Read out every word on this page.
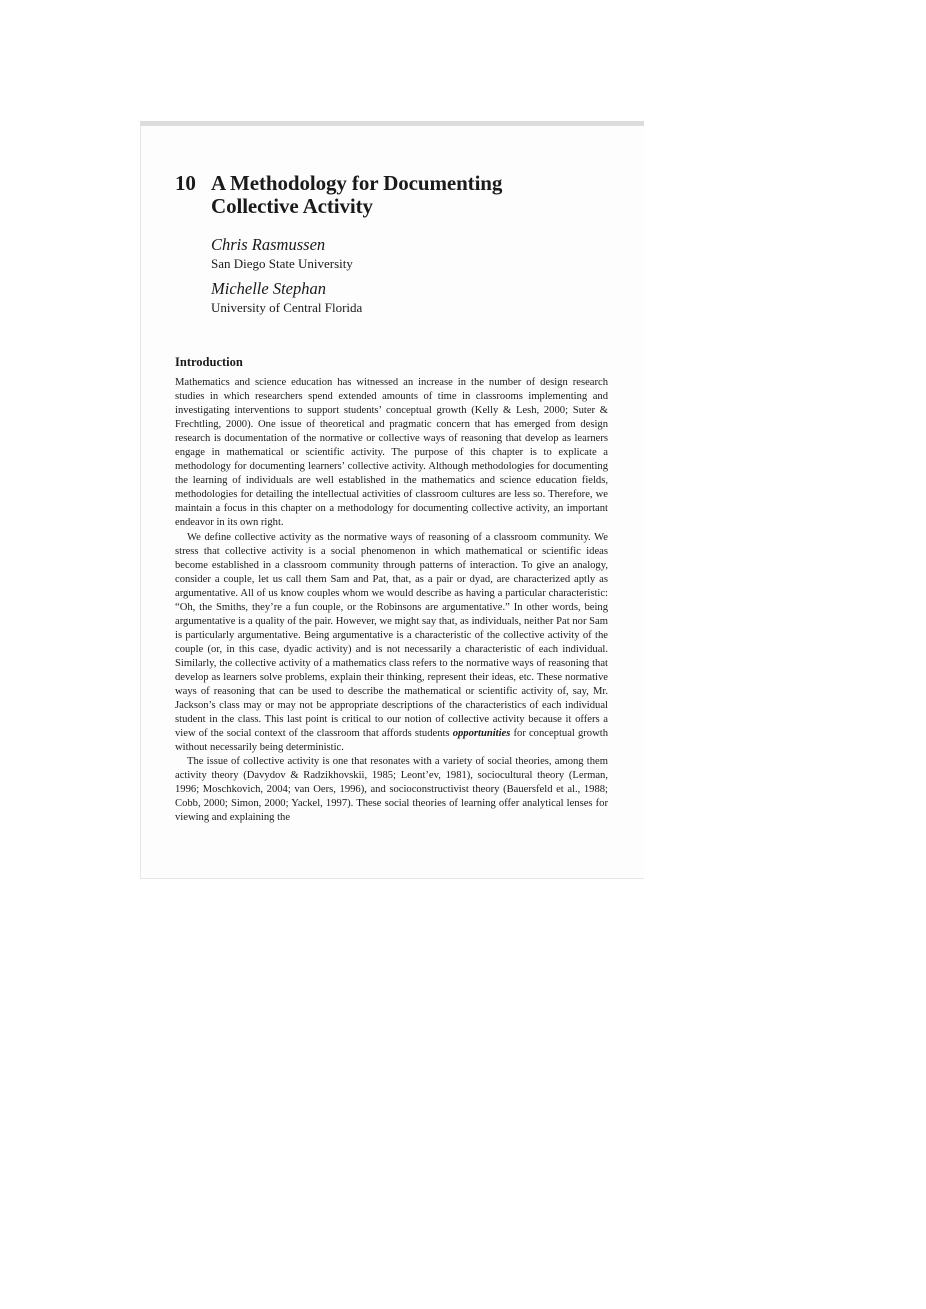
10 A Methodology for Documenting
Collective Activity
Chris Rasmussen
San Diego State University
Michelle Stephan
University of Central Florida
Introduction

Mathematics and science education has witnessed an increase in the number of design research studies in which researchers spend extended amounts of time in classrooms implementing and investigating interventions to support students’ conceptual growth (Kelly & Lesh, 2000; Suter & Frechtling, 2000). One issue of theoretical and pragmatic concern that has emerged from design research is documentation of the normative or collective ways of reasoning that develop as learners engage in mathematical or scientific activity. The purpose of this chapter is to explicate a methodology for documenting learners’ collective activity. Although methodologies for documenting the learning of individuals are well established in the mathematics and science education fields, methodologies for detailing the intellectual activities of classroom cultures are less so. Therefore, we maintain a focus in this chapter on a methodology for documenting collective activity, an important endeavor in its own right.

We define collective activity as the normative ways of reasoning of a classroom community. We stress that collective activity is a social phenomenon in which mathematical or scientific ideas become established in a classroom community through patterns of interaction. To give an analogy, consider a couple, let us call them Sam and Pat, that, as a pair or dyad, are characterized aptly as argumentative. All of us know couples whom we would describe as having a particular characteristic: “Oh, the Smiths, they’re a fun couple, or the Robinsons are argumentative.” In other words, being argumentative is a quality of the pair. However, we might say that, as individuals, neither Pat nor Sam is particularly argumentative. Being argumentative is a characteristic of the collective activity of the couple (or, in this case, dyadic activity) and is not necessarily a characteristic of each individual. Similarly, the collective activity of a mathematics class refers to the normative ways of reasoning that develop as learners solve problems, explain their thinking, represent their ideas, etc. These normative ways of reasoning that can be used to describe the mathematical or scientific activity of, say, Mr. Jackson’s class may or may not be appropriate descriptions of the characteristics of each individual student in the class. This last point is critical to our notion of collective activity because it offers a view of the social context of the classroom that affords students opportunities for conceptual growth without necessarily being deterministic.

The issue of collective activity is one that resonates with a variety of social theories, among them activity theory (Davydov & Radzikhovskii, 1985; Leont’ev, 1981), sociocultural theory (Lerman, 1996; Moschkovich, 2004; van Oers, 1996), and socioconstructivist theory (Bauersfeld et al., 1988; Cobb, 2000; Simon, 2000; Yackel, 1997). These social theories of learning offer analytical lenses for viewing and explaining the
